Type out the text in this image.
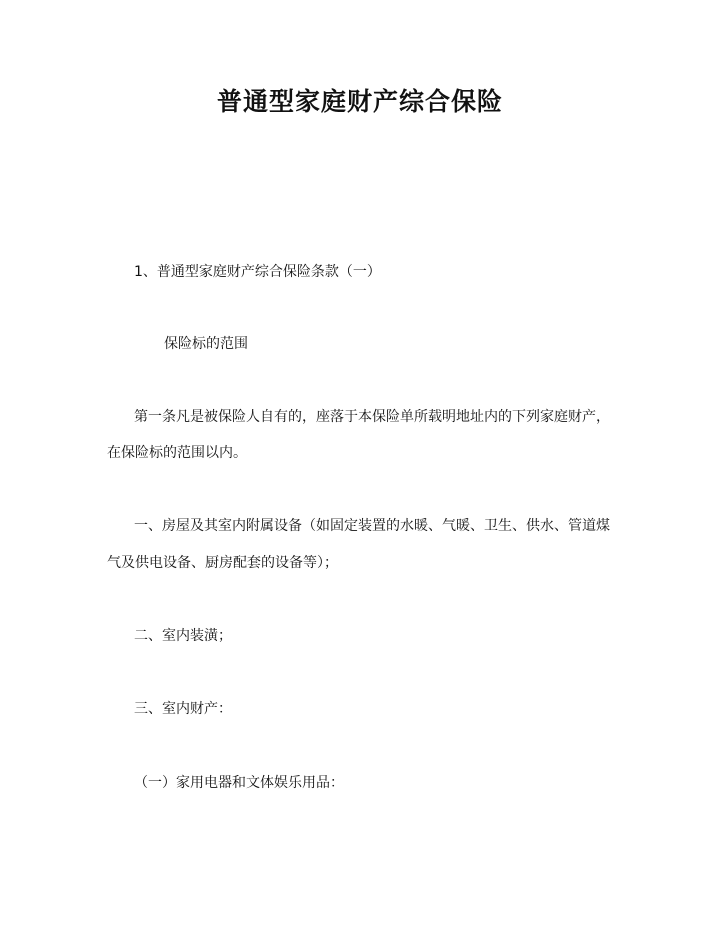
普通型家庭财产综合保险

1、普通型家庭财产综合保险条款（一）

保险标的范围

第一条凡是被保险人自有的，座落于本保险单所载明地址内的下列家庭财产，

在保险标的范围以内。

一、房屋及其室内附属设备（如固定装置的水暖、气暖、卫生、供水、管道煤

气及供电设备、厨房配套的设备等）；

二、室内装潢；

三、室内财产：

（一）家用电器和文体娱乐用品：
